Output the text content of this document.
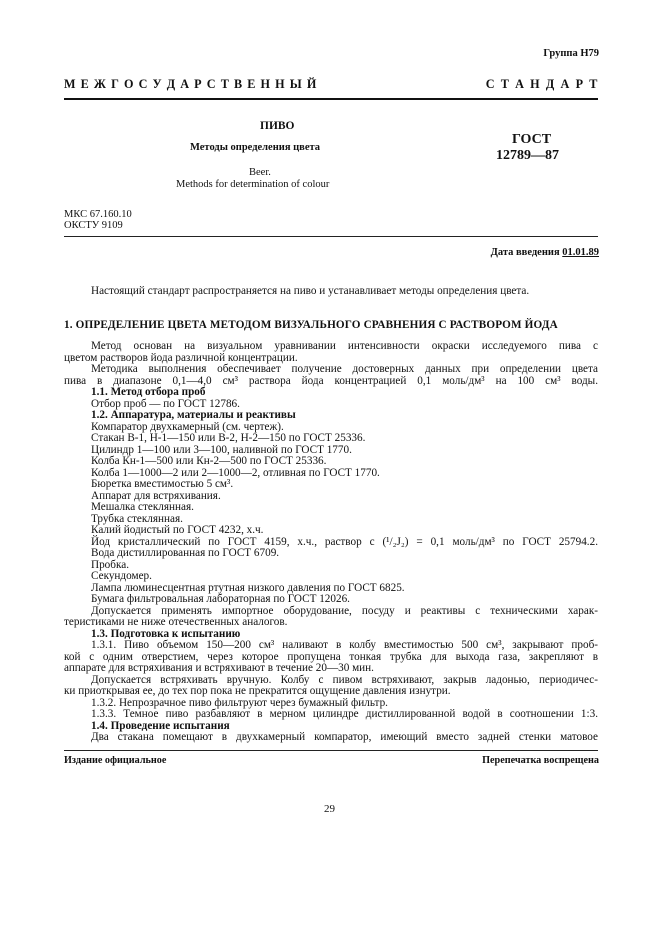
Группа Н79
М Е Ж Г О С У Д А Р С Т В Е Н Н Ы Й	С Т А Н Д А Р Т
ПИВО
Методы определения цвета
Beer.
Methods for determination of colour
ГОСТ
12789—87
МКС 67.160.10
ОКСТУ 9109
Дата введения 01.01.89
Настоящий стандарт распространяется на пиво и устанавливает методы определения цвета.
1. ОПРЕДЕЛЕНИЕ ЦВЕТА МЕТОДОМ ВИЗУАЛЬНОГО СРАВНЕНИЯ С РАСТВОРОМ ЙОДА
Метод основан на визуальном уравнивании интенсивности окраски исследуемого пива с
цветом растворов йода различной концентрации.
Методика выполнения обеспечивает получение достоверных данных при определении цвета
пива в диапазоне 0,1—4,0 см³ раствора йода концентрацией 0,1 моль/дм³ на 100 см³ воды.
1.1. Метод отбора проб
Отбор проб — по ГОСТ 12786.
1.2. Аппаратура, материалы и реактивы
Компаратор двухкамерный (см. чертеж).
Стакан В-1, Н-1—150 или В-2, Н-2—150 по ГОСТ 25336.
Цилиндр 1—100 или 3—100, наливной по ГОСТ 1770.
Колба Кн-1—500 или Кн-2—500 по ГОСТ 25336.
Колба 1—1000—2 или 2—1000—2, отливная по ГОСТ 1770.
Бюретка вместимостью 5 см³.
Аппарат для встряхивания.
Мешалка стеклянная.
Трубка стеклянная.
Калий йодистый по ГОСТ 4232, х.ч.
Йод кристаллический по ГОСТ 4159, х.ч., раствор c (¹/₂J₂) = 0,1 моль/дм³ по ГОСТ 25794.2.
Вода дистиллированная по ГОСТ 6709.
Пробка.
Секундомер.
Лампа люминесцентная ртутная низкого давления по ГОСТ 6825.
Бумага фильтровальная лабораторная по ГОСТ 12026.
Допускается применять импортное оборудование, посуду и реактивы с техническими харак-
теристиками не ниже отечественных аналогов.
1.3. Подготовка к испытанию
1.3.1. Пиво объемом 150—200 см³ наливают в колбу вместимостью 500 см³, закрывают проб-
кой с одним отверстием, через которое пропущена тонкая трубка для выхода газа, закрепляют в
аппарате для встряхивания и встряхивают в течение 20—30 мин.
Допускается встряхивать вручную. Колбу с пивом встряхивают, закрыв ладонью, периодичес-
ки приоткрывая ее, до тех пор пока не прекратится ощущение давления изнутри.
1.3.2. Непрозрачное пиво фильтруют через бумажный фильтр.
1.3.3. Темное пиво разбавляют в мерном цилиндре дистиллированной водой в соотношении 1:3.
1.4. Проведение испытания
Два стакана помещают в двухкамерный компаратор, имеющий вместо задней стенки матовое
Издание официальное	Перепечатка воспрещена
29
